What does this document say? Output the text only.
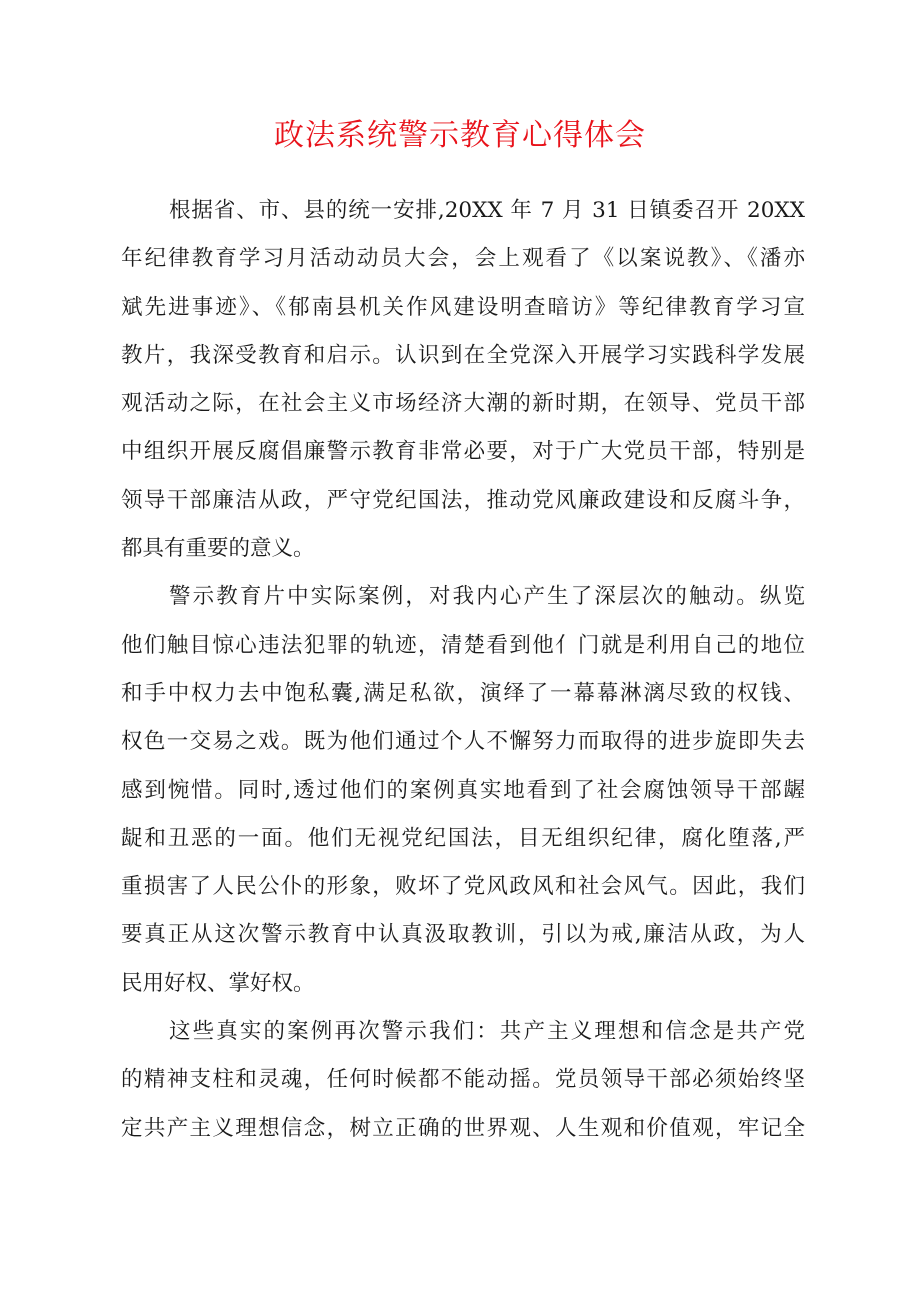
政法系统警示教育心得体会
根据省、市、县的统一安排,20XX 年 7 月 31 日镇委召开 20XX
年纪律教育学习月活动动员大会，会上观看了《以案说教》、《潘亦
斌先进事迹》、《郁南县机关作风建设明查暗访》等纪律教育学习宣
教片，我深受教育和启示。认识到在全党深入开展学习实践科学发展
观活动之际，在社会主义市场经济大潮的新时期，在领导、党员干部
中组织开展反腐倡廉警示教育非常必要，对于广大党员干部，特别是
领导干部廉洁从政，严守党纪国法，推动党风廉政建设和反腐斗争，
都具有重要的意义。
警示教育片中实际案例，对我内心产生了深层次的触动。纵览
他们触目惊心违法犯罪的轨迹，清楚看到他亻门就是利用自己的地位
和手中权力去中饱私囊,满足私欲，演绎了一幕幕淋漓尽致的权钱、
权色一交易之戏。既为他们通过个人不懈努力而取得的进步旋即失去
感到惋惜。同时,透过他们的案例真实地看到了社会腐蚀领导干部龌
龊和丑恶的一面。他们无视党纪国法，目无组织纪律，腐化堕落,严
重损害了人民公仆的形象，败坏了党风政风和社会风气。因此，我们
要真正从这次警示教育中认真汲取教训，引以为戒,廉洁从政，为人
民用好权、掌好权。
这些真实的案例再次警示我们：共产主义理想和信念是共产党
的精神支柱和灵魂，任何时候都不能动摇。党员领导干部必须始终坚
定共产主义理想信念，树立正确的世界观、人生观和价值观，牢记全
